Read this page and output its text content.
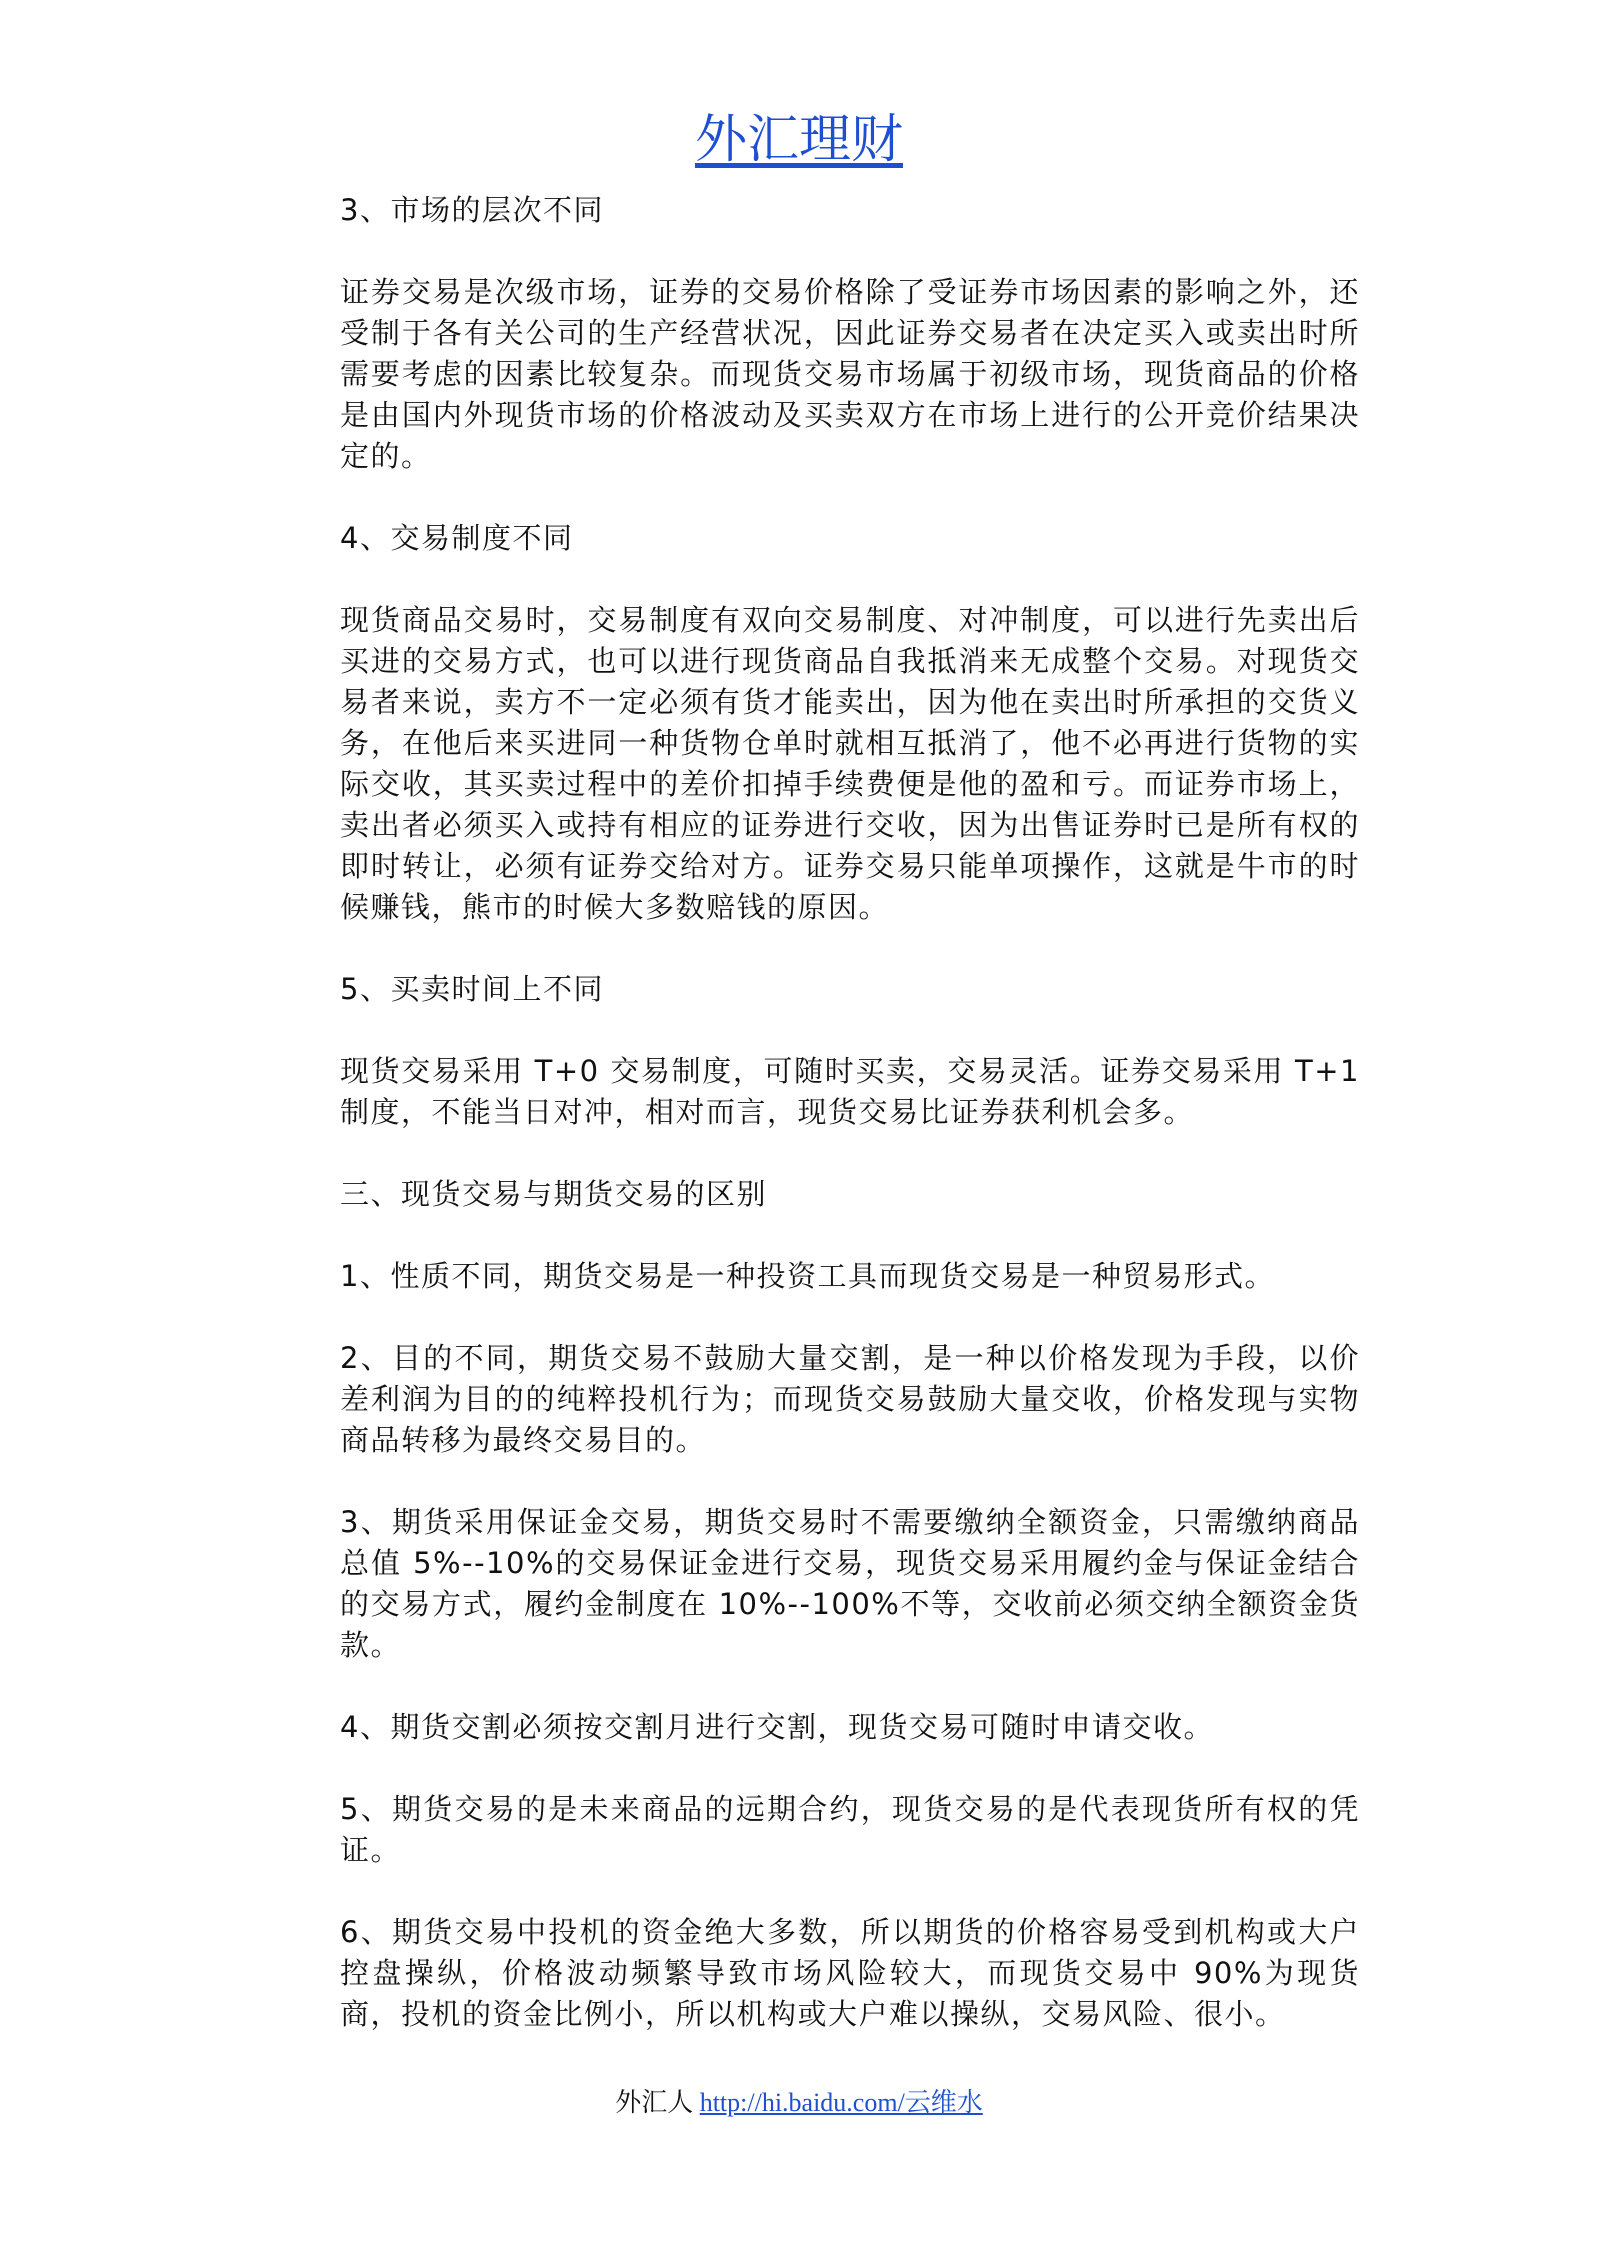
外汇理财
3、市场的层次不同
证券交易是次级市场，证券的交易价格除了受证券市场因素的影响之外，还受制于各有关公司的生产经营状况，因此证券交易者在决定买入或卖出时所需要考虑的因素比较复杂。而现货交易市场属于初级市场，现货商品的价格是由国内外现货市场的价格波动及买卖双方在市场上进行的公开竞价结果决定的。
4、交易制度不同
现货商品交易时，交易制度有双向交易制度、对冲制度，可以进行先卖出后买进的交易方式，也可以进行现货商品自我抵消来无成整个交易。对现货交易者来说，卖方不一定必须有货才能卖出，因为他在卖出时所承担的交货义务，在他后来买进同一种货物仓单时就相互抵消了，他不必再进行货物的实际交收，其买卖过程中的差价扣掉手续费便是他的盈和亏。而证券市场上，卖出者必须买入或持有相应的证券进行交收，因为出售证券时已是所有权的即时转让，必须有证券交给对方。证券交易只能单项操作，这就是牛市的时候赚钱，熊市的时候大多数赔钱的原因。
5、买卖时间上不同
现货交易采用 T+0 交易制度，可随时买卖，交易灵活。证券交易采用 T+1 制度，不能当日对冲，相对而言，现货交易比证券获利机会多。
三、现货交易与期货交易的区别
1、性质不同，期货交易是一种投资工具而现货交易是一种贸易形式。
2、目的不同，期货交易不鼓励大量交割，是一种以价格发现为手段，以价差利润为目的的纯粹投机行为；而现货交易鼓励大量交收，价格发现与实物商品转移为最终交易目的。
3、期货采用保证金交易，期货交易时不需要缴纳全额资金，只需缴纳商品总值 5%--10%的交易保证金进行交易，现货交易采用履约金与保证金结合的交易方式，履约金制度在 10%--100%不等，交收前必须交纳全额资金货款。
4、期货交割必须按交割月进行交割，现货交易可随时申请交收。
5、期货交易的是未来商品的远期合约，现货交易的是代表现货所有权的凭证。
6、期货交易中投机的资金绝大多数，所以期货的价格容易受到机构或大户控盘操纵，价格波动频繁导致市场风险较大，而现货交易中 90%为现货商，投机的资金比例小，所以机构或大户难以操纵，交易风险、很小。
外汇人 http://hi.baidu.com/云维水
